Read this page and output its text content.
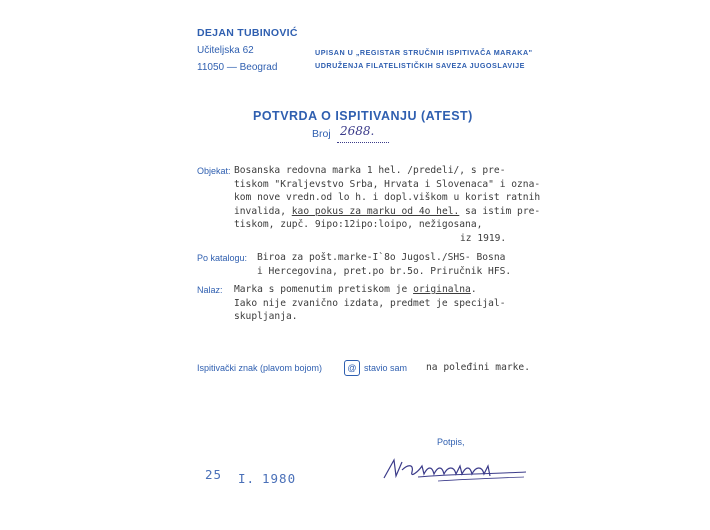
DEJAN TUBINOVIĆ
Učiteljska 62
11050 — Beograd
UPISAN U „REGISTAR STRUČNIH ISPITIVAČA MARAKA"
UDRUŽENJA FILATELISTIČKIH SAVEZA JUGOSLAVIJE
POTVRDA O ISPITIVANJU (ATEST)
Broj 2688.
Objekat: Bosanska redovna marka 1 hel. /predeli/, s pre-
tiskom "Kraljevstvo Srba, Hrvata i Slovenaca" i ozna-
kom nove vredn.od lo h. i dopl.viškom u korist ratnih
invalida, kao pokus za marku od 4o hel. sa istim pre-
tiskom, zupč. 9ipo:12ipo:loipo, nežigosana,
iz 1919.
Po katalogu: Biroa za pošt.marke-I`8o Jugosl./SHS- Bosna
i Hercegovina, pret.po br.5o. Priručnik HFS.
Nalaz: Marka s pomenutim pretiskom je originalna.
Iako nije zvanično izdata, predmet je specijal-
skupljanja.
Ispitivački znak (plavom bojom)	@ stavio sam na poleđini marke.
Potpis,
25 I. 1980
